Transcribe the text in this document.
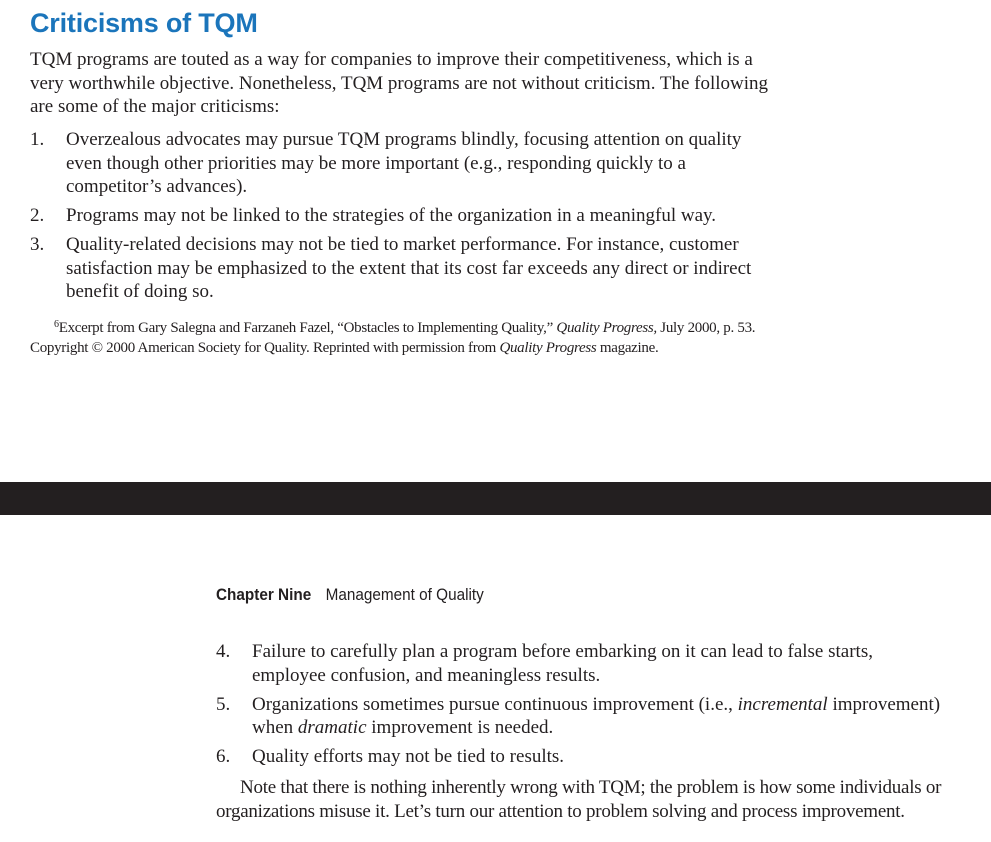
Criticisms of TQM

TQM programs are touted as a way for companies to improve their competitiveness, which is a very worthwhile objective. Nonetheless, TQM programs are not without criticism. The following are some of the major criticisms:

1. Overzealous advocates may pursue TQM programs blindly, focusing attention on quality even though other priorities may be more important (e.g., responding quickly to a competitor’s advances).
2. Programs may not be linked to the strategies of the organization in a meaningful way.
3. Quality-related decisions may not be tied to market performance. For instance, customer satisfaction may be emphasized to the extent that its cost far exceeds any direct or indirect benefit of doing so.

$^6$Excerpt from Gary Salegna and Farzaneh Fazel, “Obstacles to Implementing Quality,” Quality Progress, July 2000, p. 53. Copyright © 2000 American Society for Quality. Reprinted with permission from Quality Progress magazine.

Chapter Nine Management of Quality

4. Failure to carefully plan a program before embarking on it can lead to false starts, employee confusion, and meaningless results.
5. Organizations sometimes pursue continuous improvement (i.e., incremental improvement) when dramatic improvement is needed.
6. Quality efforts may not be tied to results.

Note that there is nothing inherently wrong with TQM; the problem is how some individuals or organizations misuse it. Let’s turn our attention to problem solving and process improvement.
